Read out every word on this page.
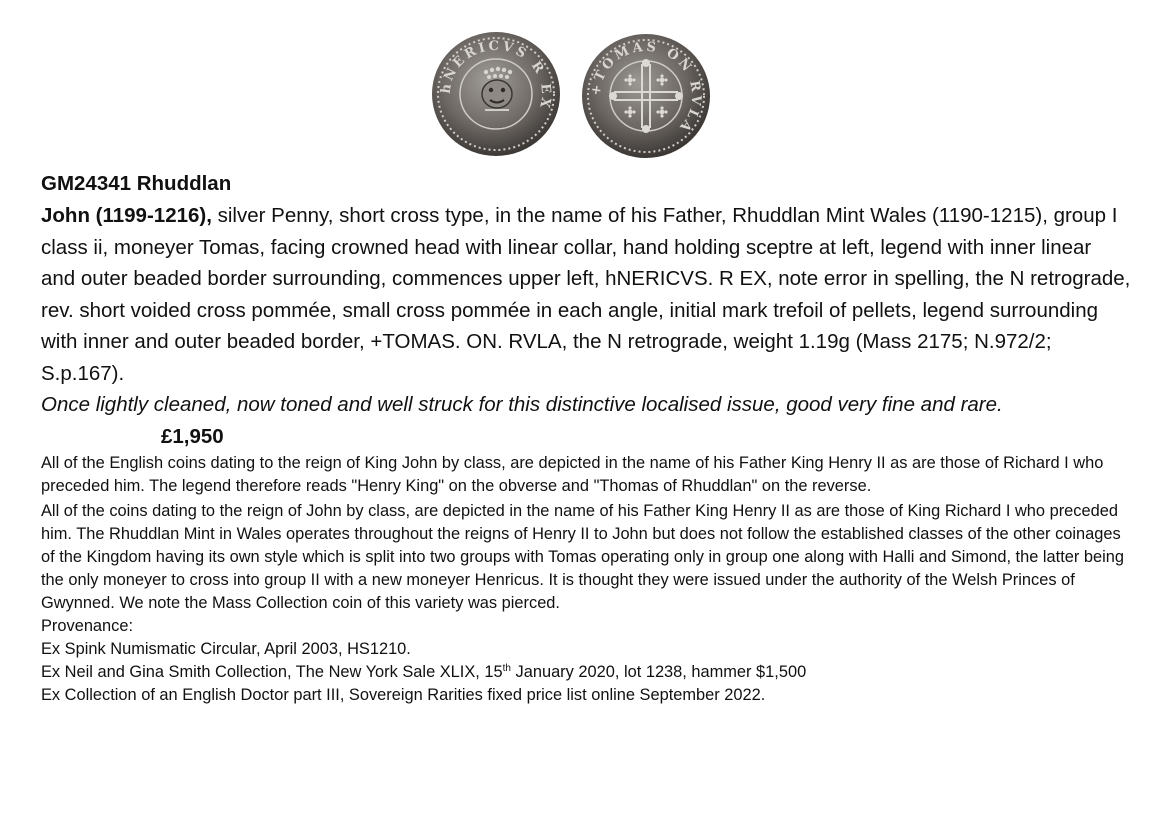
hNERICVS R EX
+TOMAS ON RVLA

GM24341 Rhuddlan

John (1199-1216), silver Penny, short cross type, in the name of his Father, Rhuddlan Mint Wales (1190-1215), group I class ii, moneyer Tomas, facing crowned head with linear collar, hand holding sceptre at left, legend with inner linear and outer beaded border surrounding, commences upper left, hNERICVS. R EX, note error in spelling, the N retrograde, rev. short voided cross pommée, small cross pommée in each angle, initial mark trefoil of pellets, legend surrounding with inner and outer beaded border, +TOMAS. ON. RVLA, the N retrograde, weight 1.19g (Mass 2175; N.972/2; S.p.167).

Once lightly cleaned, now toned and well struck for this distinctive localised issue, good very fine and rare.£1,950

All of the English coins dating to the reign of King John by class, are depicted in the name of his Father King Henry II as are those of Richard I who preceded him. The legend therefore reads "Henry King" on the obverse and "Thomas of Rhuddlan" on the reverse.

All of the coins dating to the reign of John by class, are depicted in the name of his Father King Henry II as are those of King Richard I who preceded him. The Rhuddlan Mint in Wales operates throughout the reigns of Henry II to John but does not follow the established classes of the other coinages of the Kingdom having its own style which is split into two groups with Tomas operating only in group one along with Halli and Simond, the latter being the only moneyer to cross into group II with a new moneyer Henricus. It is thought they were issued under the authority of the Welsh Princes of Gwynned. We note the Mass Collection coin of this variety was pierced.

Provenance:

Ex Spink Numismatic Circular, April 2003, HS1210.

Ex Neil and Gina Smith Collection, The New York Sale XLIX, 15th January 2020, lot 1238, hammer $1,500

Ex Collection of an English Doctor part III, Sovereign Rarities fixed price list online September 2022.
